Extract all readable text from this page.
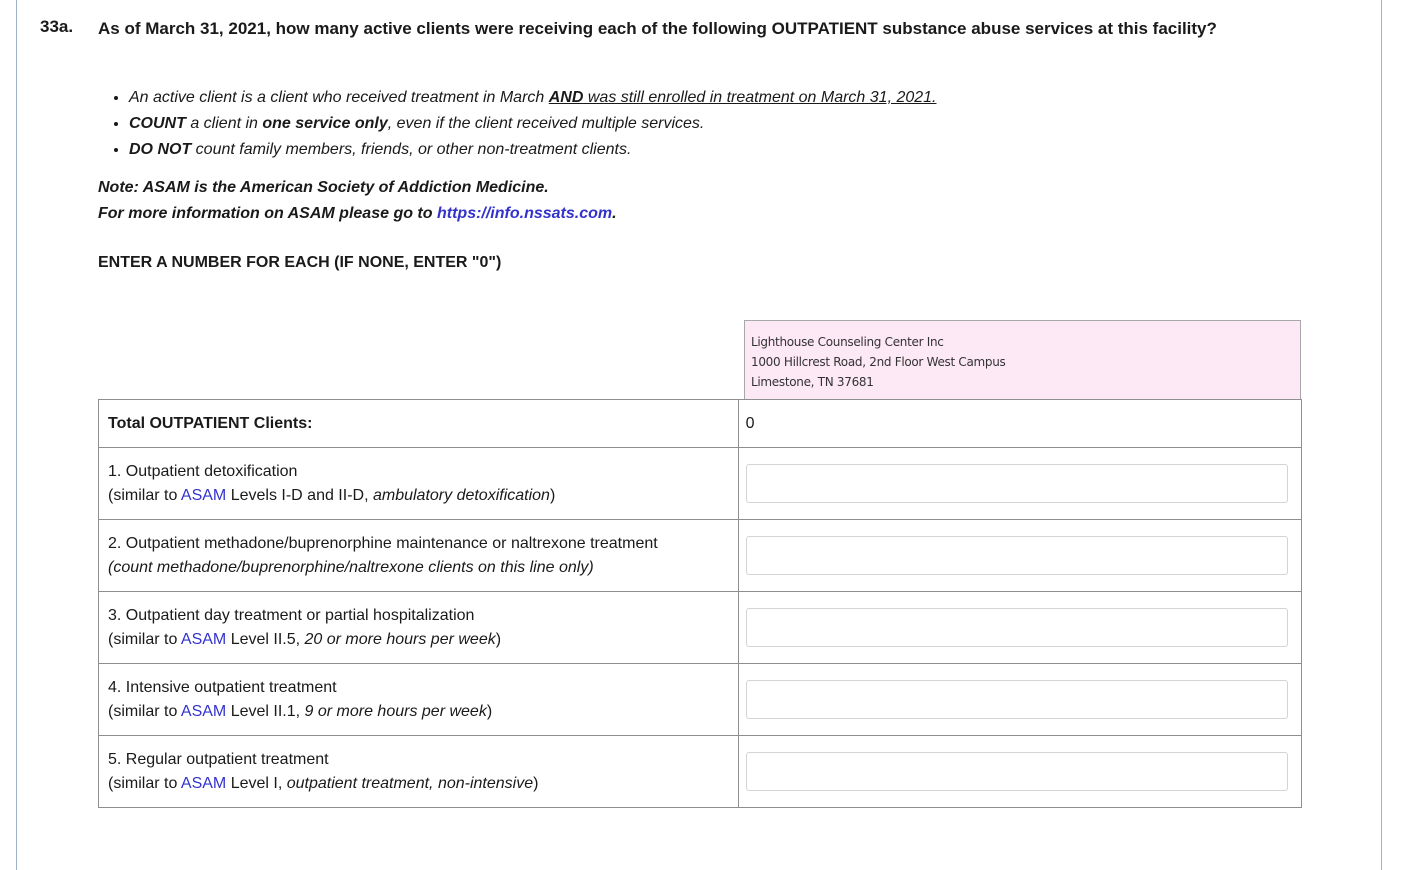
33a. As of March 31, 2021, how many active clients were receiving each of the following OUTPATIENT substance abuse services at this facility?
• An active client is a client who received treatment in March AND was still enrolled in treatment on March 31, 2021.
• COUNT a client in one service only, even if the client received multiple services.
• DO NOT count family members, friends, or other non-treatment clients.
Note: ASAM is the American Society of Addiction Medicine.
For more information on ASAM please go to https://info.nssats.com.
ENTER A NUMBER FOR EACH (IF NONE, ENTER "0")
Lighthouse Counseling Center Inc
1000 Hillcrest Road, 2nd Floor West Campus
Limestone, TN 37681
Total OUTPATIENT Clients:	0

1. Outpatient detoxification
(similar to ASAM Levels I-D and II-D, ambulatory detoxification)

2. Outpatient methadone/buprenorphine maintenance or naltrexone treatment
(count methadone/buprenorphine/naltrexone clients on this line only)

3. Outpatient day treatment or partial hospitalization
(similar to ASAM Level II.5, 20 or more hours per week)

4. Intensive outpatient treatment
(similar to ASAM Level II.1, 9 or more hours per week)

5. Regular outpatient treatment
(similar to ASAM Level I, outpatient treatment, non-intensive)
